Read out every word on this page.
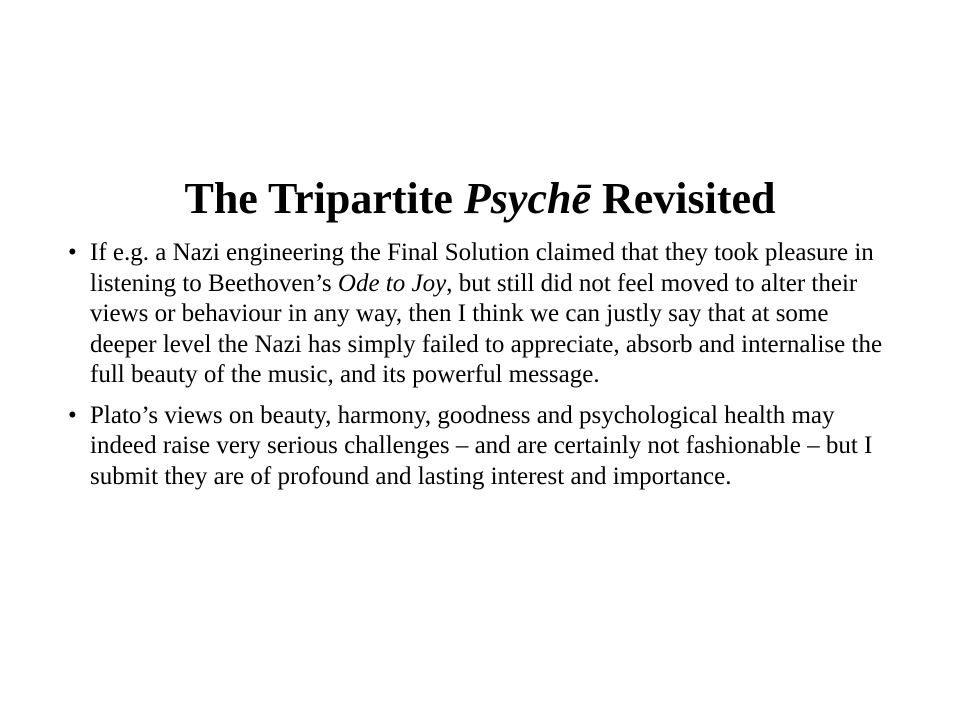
The Tripartite Psychē Revisited
• If e.g. a Nazi engineering the Final Solution claimed that they took pleasure in listening to Beethoven’s Ode to Joy, but still did not feel moved to alter their views or behaviour in any way, then I think we can justly say that at some deeper level the Nazi has simply failed to appreciate, absorb and internalise the full beauty of the music, and its powerful message.
• Plato’s views on beauty, harmony, goodness and psychological health may indeed raise very serious challenges – and are certainly not fashionable – but I submit they are of profound and lasting interest and importance.
